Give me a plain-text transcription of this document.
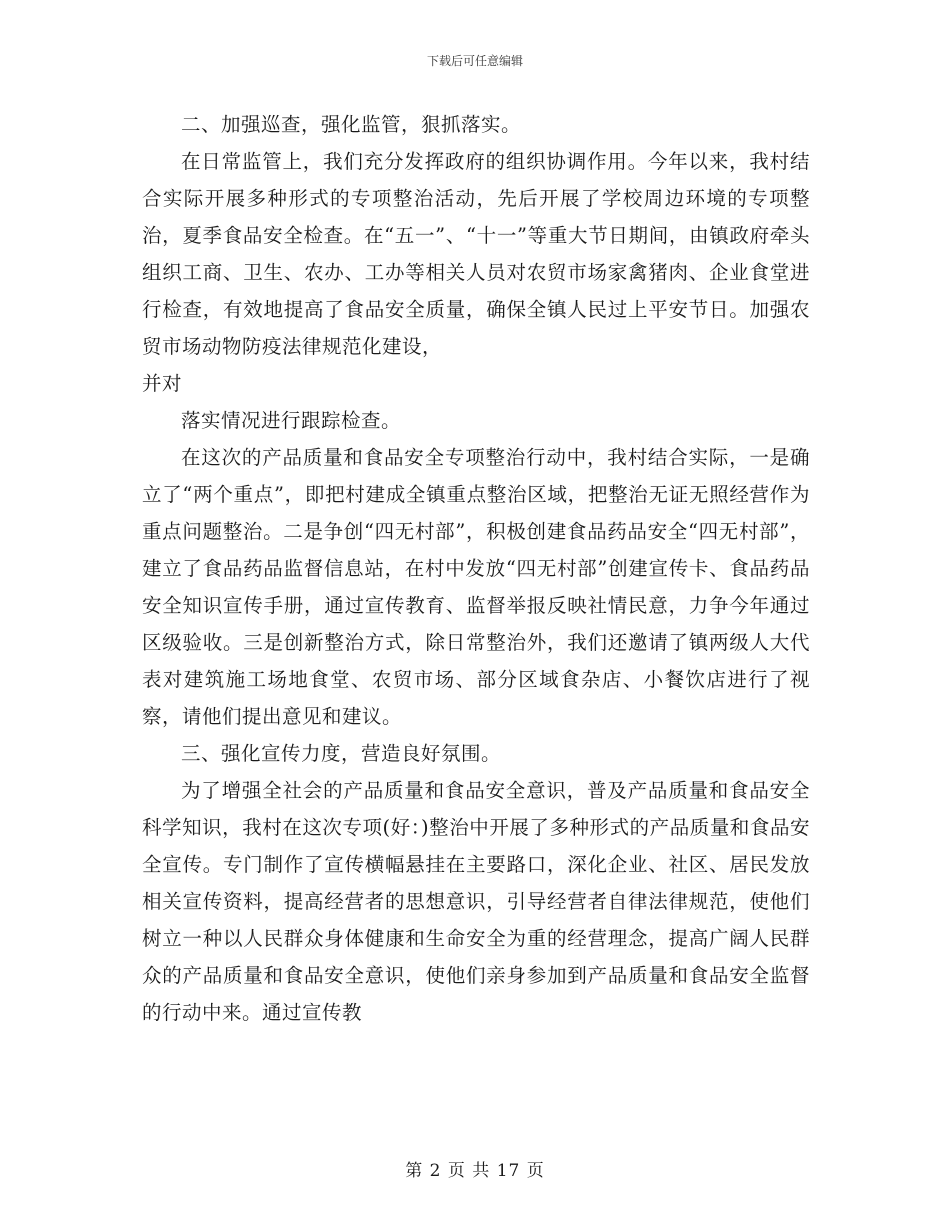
下载后可任意编辑

二、加强巡查，强化监管，狠抓落实。

在日常监管上，我们充分发挥政府的组织协调作用。今年以来，我村结合实际开展多种形式的专项整治活动，先后开展了学校周边环境的专项整治，夏季食品安全检查。在“五一”、“十一”等重大节日期间，由镇政府牵头组织工商、卫生、农办、工办等相关人员对农贸市场家禽猪肉、企业食堂进行检查，有效地提高了食品安全质量，确保全镇人民过上平安节日。加强农贸市场动物防疫法律规范化建设，

并对

落实情况进行跟踪检查。

在这次的产品质量和食品安全专项整治行动中，我村结合实际，一是确立了“两个重点”，即把村建成全镇重点整治区域，把整治无证无照经营作为重点问题整治。二是争创“四无村部”，积极创建食品药品安全“四无村部”，建立了食品药品监督信息站，在村中发放“四无村部”创建宣传卡、食品药品安全知识宣传手册，通过宣传教育、监督举报反映社情民意，力争今年通过区级验收。三是创新整治方式，除日常整治外，我们还邀请了镇两级人大代表对建筑施工场地食堂、农贸市场、部分区域食杂店、小餐饮店进行了视察，请他们提出意见和建议。

三、强化宣传力度，营造良好氛围。

为了增强全社会的产品质量和食品安全意识，普及产品质量和食品安全科学知识，我村在这次专项(好：)整治中开展了多种形式的产品质量和食品安全宣传。专门制作了宣传横幅悬挂在主要路口，深化企业、社区、居民发放相关宣传资料，提高经营者的思想意识，引导经营者自律法律规范，使他们树立一种以人民群众身体健康和生命安全为重的经营理念，提高广阔人民群众的产品质量和食品安全意识，使他们亲身参加到产品质量和食品安全监督的行动中来。通过宣传教

第 2 页 共 17 页
